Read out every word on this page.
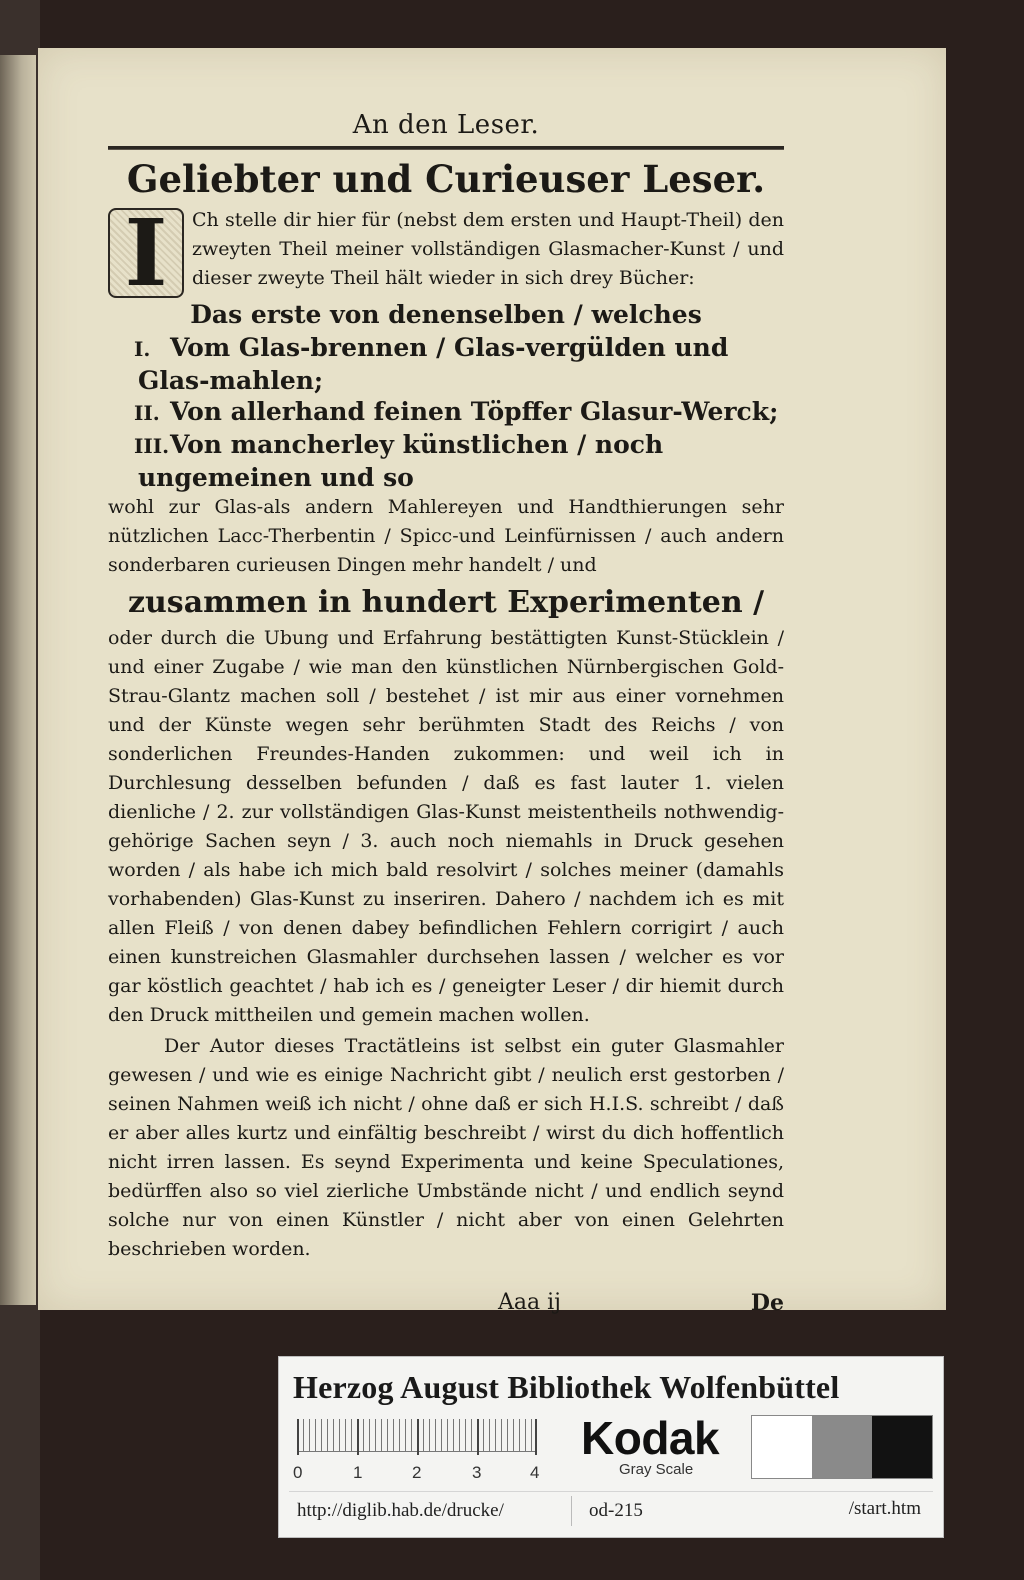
An den Leser.
Geliebter und Curieuser Leser.
I	Ch stelle dir hier für (nebst dem ersten und Haupt-Theil) den zweyten Theil meiner vollständigen Glasmacher-Kunst / und dieser zweyte Theil hält wieder in sich drey Bücher:
Das erste von denenselben / welches
I. Vom Glas-brennen / Glas-vergülden und Glas-mahlen;
II. Von allerhand feinen Töpffer Glasur-Werck;
III.Von mancherley künstlichen / noch ungemeinen und so
wohl zur Glas-als andern Mahlereyen und Handthierungen sehr nützlichen Lacc-Therbentin / Spicc-und Leinfürnissen / auch andern sonderbaren curieusen Dingen mehr handelt / und
zusammen in hundert Experimenten /
oder durch die Ubung und Erfahrung bestättigten Kunst-Stücklein / und einer Zugabe / wie man den künstlichen Nürnbergischen Gold-Strau-Glantz machen soll / bestehet / ist mir aus einer vornehmen und der Künste wegen sehr berühmten Stadt des Reichs / von sonderlichen Freundes-Handen zukommen: und weil ich in Durchlesung desselben befunden / daß es fast lauter 1. vielen dienliche / 2. zur vollständigen Glas-Kunst meistentheils nothwendig-gehörige Sachen seyn / 3. auch noch niemahls in Druck gesehen worden / als habe ich mich bald resolvirt / solches meiner (damahls vorhabenden) Glas-Kunst zu inseriren. Dahero / nachdem ich es mit allen Fleiß / von denen dabey befindlichen Fehlern corrigirt / auch einen kunstreichen Glasmahler durchsehen lassen / welcher es vor gar köstlich geachtet / hab ich es / geneigter Leser / dir hiemit durch den Druck mittheilen und gemein machen wollen.
Der Autor dieses Tractätleins ist selbst ein guter Glasmahler gewesen / und wie es einige Nachricht gibt / neulich erst gestorben / seinen Nahmen weiß ich nicht / ohne daß er sich H.I.S. schreibt / daß er aber alles kurtz und einfältig beschreibt / wirst du dich hoffentlich nicht irren lassen. Es seynd Experimenta und keine Speculationes, bedürffen also so viel zierliche Umbstände nicht / und endlich seynd solche nur von einen Künstler / nicht aber von einen Gelehrten beschrieben worden.
Aaa ij	De
Herzog August Bibliothek Wolfenbüttel
0	1	2	3	4
Kodak
Gray Scale
http://diglib.hab.de/drucke/	od-215	/start.htm
